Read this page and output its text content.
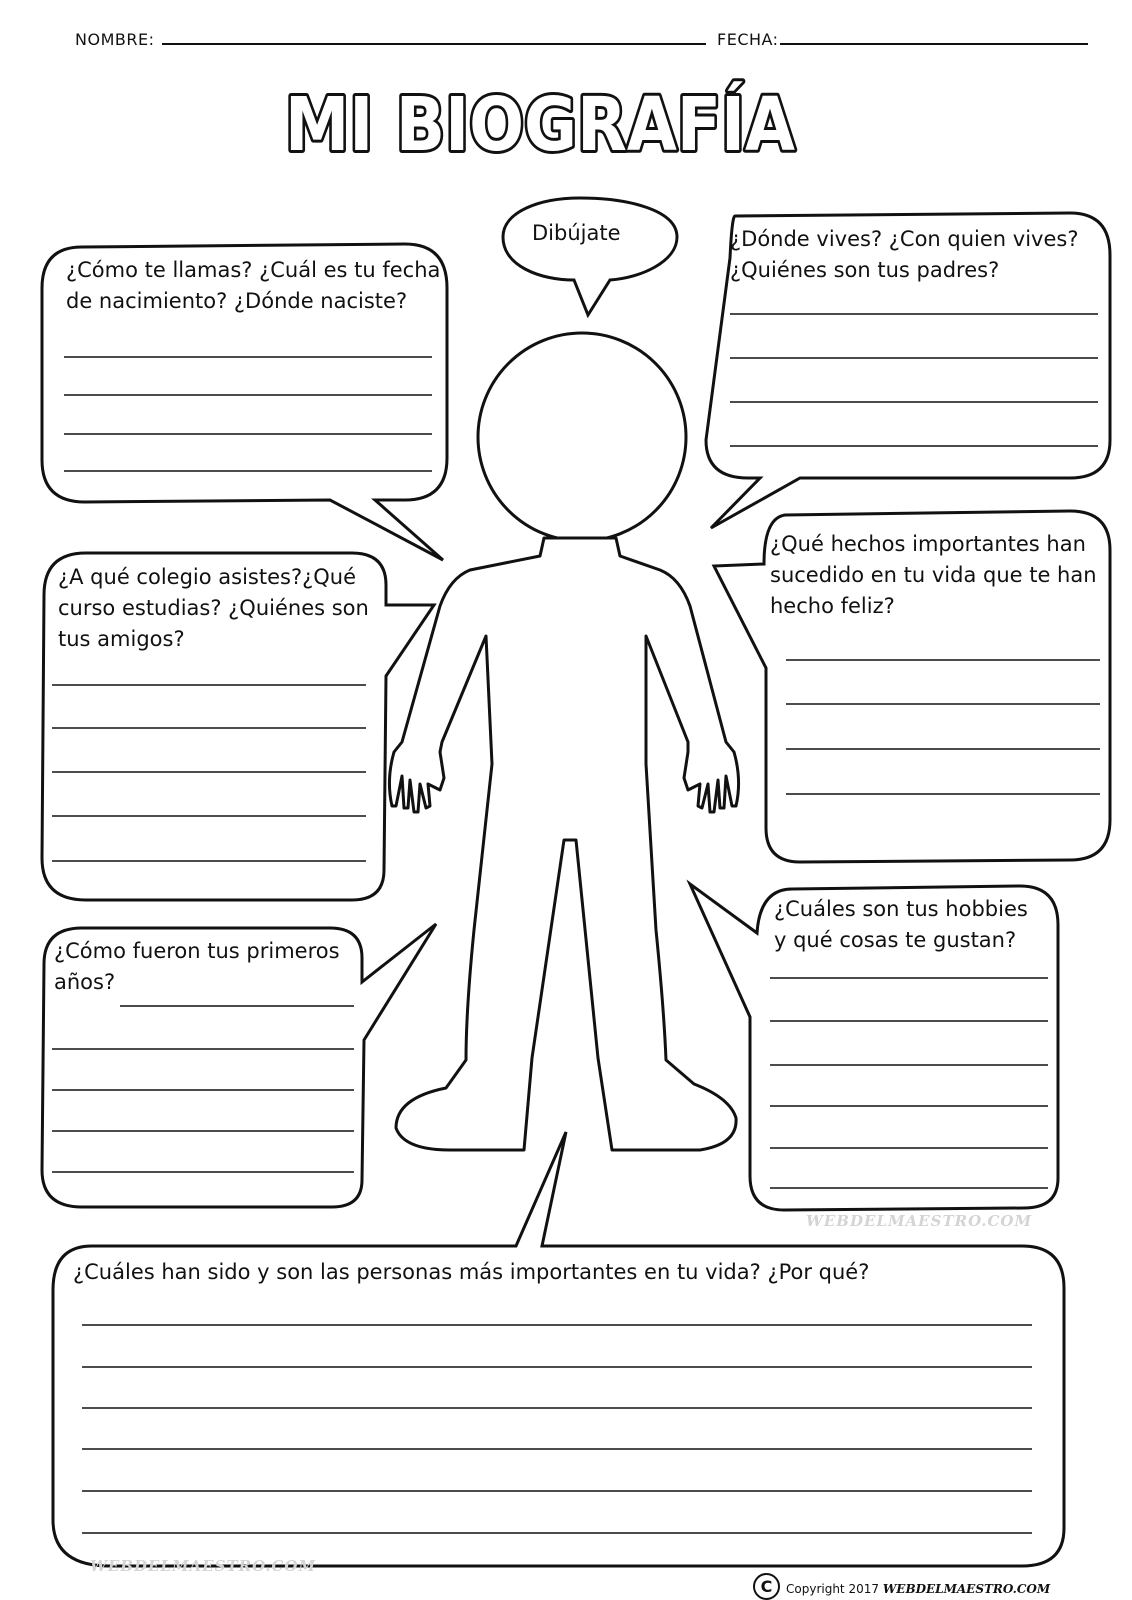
MI BIOGRAFÍA
NOMBRE:	FECHA:
Dibújate
¿Cómo te llamas? ¿Cuál es tu fecha
de nacimiento? ¿Dónde naciste?
¿Dónde vives? ¿Con quien vives?
¿Quiénes son tus padres?
¿A qué colegio asistes?¿Qué
curso estudias? ¿Quiénes son
tus amigos?
¿Qué hechos importantes han
sucedido en tu vida que te han
hecho feliz?
¿Cómo fueron tus primeros
años?
¿Cuáles son tus hobbies
y qué cosas te gustan?
¿Cuáles han sido y son las personas más importantes en tu vida? ¿Por qué?
WEBDELMAESTRO.COM
WEBDELMAESTRO.COM
C	Copyright 2017 WEBDELMAESTRO.COM
